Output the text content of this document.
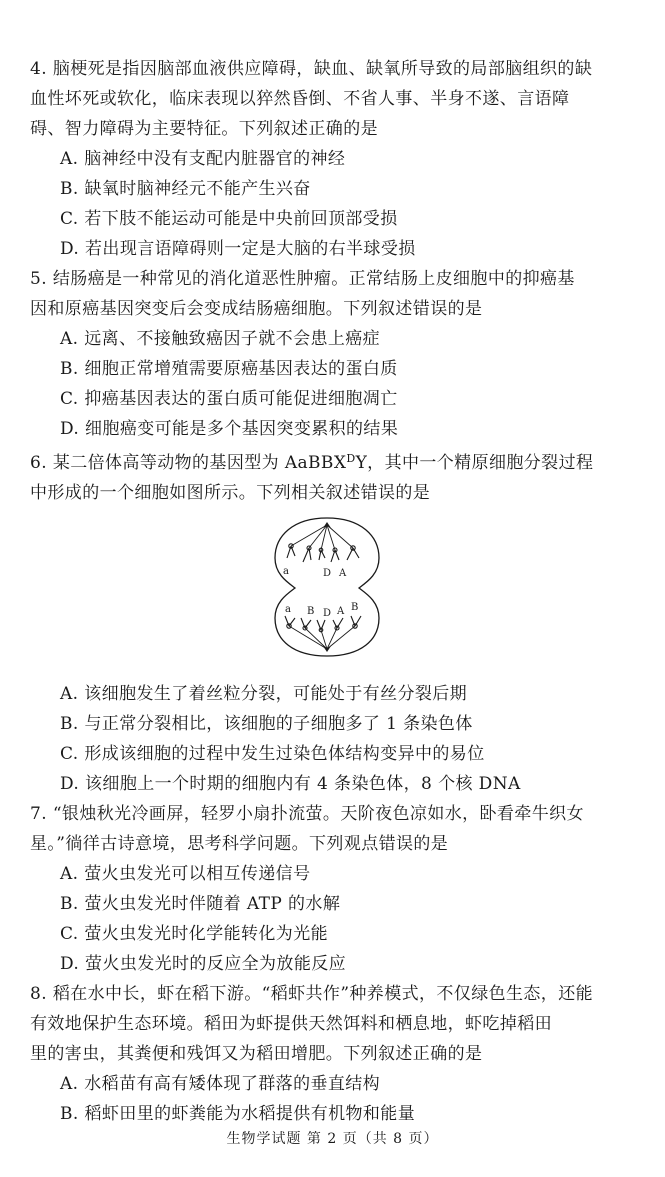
4. 脑梗死是指因脑部血液供应障碍，缺血、缺氧所导致的局部脑组织的缺

血性坏死或软化，临床表现以猝然昏倒、不省人事、半身不遂、言语障

碍、智力障碍为主要特征。下列叙述正确的是

A. 脑神经中没有支配内脏器官的神经

B. 缺氧时脑神经元不能产生兴奋

C. 若下肢不能运动可能是中央前回顶部受损

D. 若出现言语障碍则一定是大脑的右半球受损

5. 结肠癌是一种常见的消化道恶性肿瘤。正常结肠上皮细胞中的抑癌基

因和原癌基因突变后会变成结肠癌细胞。下列叙述错误的是

A. 远离、不接触致癌因子就不会患上癌症

B. 细胞正常增殖需要原癌基因表达的蛋白质

C. 抑癌基因表达的蛋白质可能促进细胞凋亡

D. 细胞癌变可能是多个基因突变累积的结果

6. 某二倍体高等动物的基因型为 AaBBX$^D$Y，其中一个精原细胞分裂过程

中形成的一个细胞如图所示。下列相关叙述错误的是

a	D A
a B D A B

A. 该细胞发生了着丝粒分裂，可能处于有丝分裂后期

B. 与正常分裂相比，该细胞的子细胞多了 1 条染色体

C. 形成该细胞的过程中发生过染色体结构变异中的易位

D. 该细胞上一个时期的细胞内有 4 条染色体，8 个核 DNA

7. “银烛秋光冷画屏，轻罗小扇扑流萤。天阶夜色凉如水，卧看牵牛织女

星。”徜徉古诗意境，思考科学问题。下列观点错误的是

A. 萤火虫发光可以相互传递信号

B. 萤火虫发光时伴随着 ATP 的水解

C. 萤火虫发光时化学能转化为光能

D. 萤火虫发光时的反应全为放能反应

8. 稻在水中长，虾在稻下游。“稻虾共作”种养模式，不仅绿色生态，还能

有效地保护生态环境。稻田为虾提供天然饵料和栖息地，虾吃掉稻田

里的害虫，其粪便和残饵又为稻田增肥。下列叙述正确的是

A. 水稻苗有高有矮体现了群落的垂直结构

B. 稻虾田里的虾粪能为水稻提供有机物和能量

生物学试题 第 2 页（共 8 页）
